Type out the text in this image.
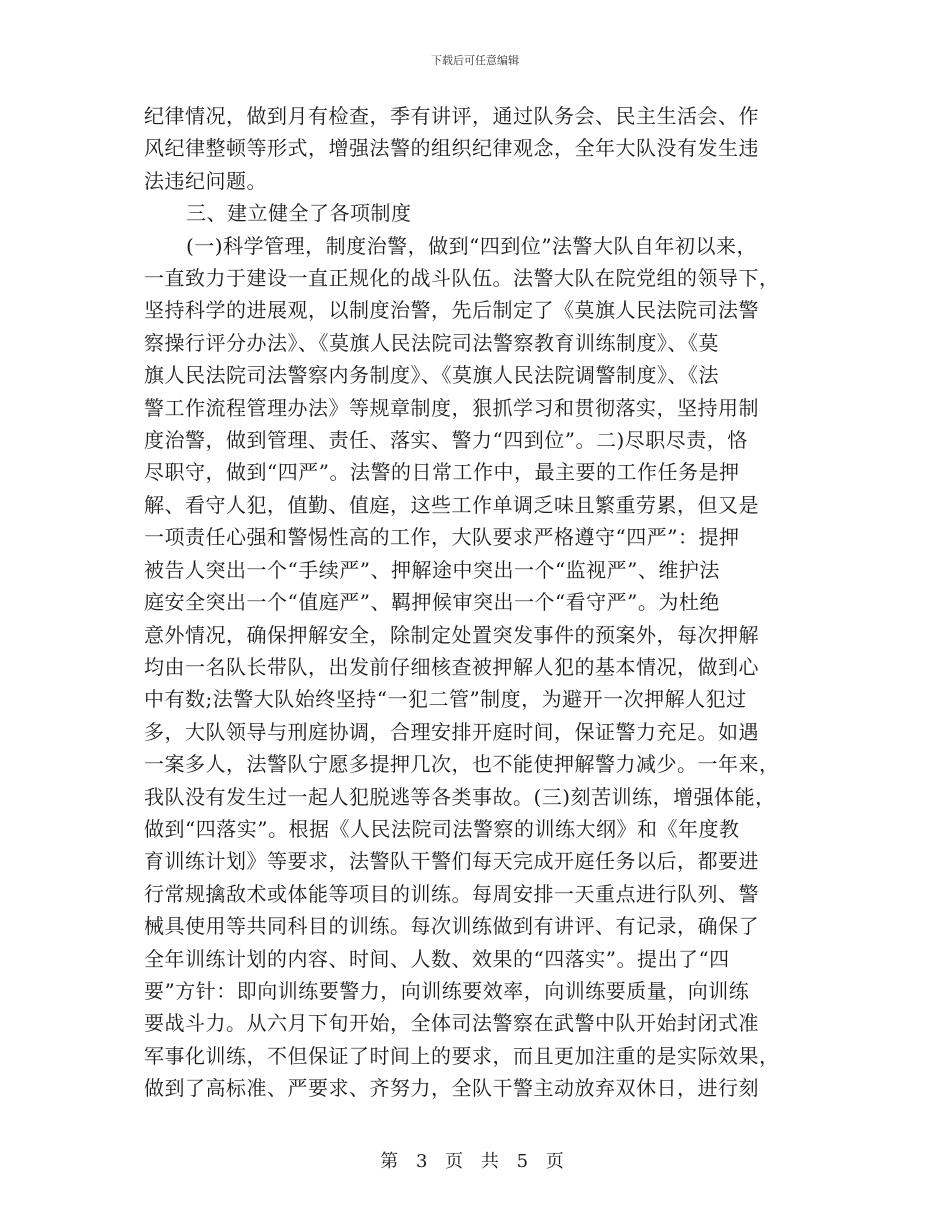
下载后可任意编辑
纪律情况，做到月有检查，季有讲评，通过队务会、民主生活会、作
风纪律整顿等形式，增强法警的组织纪律观念，全年大队没有发生违
法违纪问题。
三、建立健全了各项制度
(一)科学管理，制度治警，做到“四到位”法警大队自年初以来，
一直致力于建设一直正规化的战斗队伍。法警大队在院党组的领导下，
坚持科学的进展观，以制度治警，先后制定了《莫旗人民法院司法警
察操行评分办法》、《莫旗人民法院司法警察教育训练制度》、《莫
旗人民法院司法警察内务制度》、《莫旗人民法院调警制度》、《法
警工作流程管理办法》等规章制度，狠抓学习和贯彻落实，坚持用制
度治警，做到管理、责任、落实、警力“四到位”。二)尽职尽责，恪
尽职守，做到“四严”。法警的日常工作中，最主要的工作任务是押
解、看守人犯，值勤、值庭，这些工作单调乏味且繁重劳累，但又是
一项责任心强和警惕性高的工作，大队要求严格遵守“四严”：提押
被告人突出一个“手续严”、押解途中突出一个“监视严”、维护法
庭安全突出一个“值庭严”、羁押候审突出一个“看守严”。为杜绝
意外情况，确保押解安全，除制定处置突发事件的预案外，每次押解
均由一名队长带队，出发前仔细核查被押解人犯的基本情况，做到心
中有数;法警大队始终坚持“一犯二管”制度，为避开一次押解人犯过
多，大队领导与刑庭协调，合理安排开庭时间，保证警力充足。如遇
一案多人，法警队宁愿多提押几次，也不能使押解警力减少。一年来，
我队没有发生过一起人犯脱逃等各类事故。(三)刻苦训练，增强体能，
做到“四落实”。根据《人民法院司法警察的训练大纲》和《年度教
育训练计划》等要求，法警队干警们每天完成开庭任务以后，都要进
行常规擒敌术或体能等项目的训练。每周安排一天重点进行队列、警
械具使用等共同科目的训练。每次训练做到有讲评、有记录，确保了
全年训练计划的内容、时间、人数、效果的“四落实”。提出了“四
要”方针：即向训练要警力，向训练要效率，向训练要质量，向训练
要战斗力。从六月下旬开始，全体司法警察在武警中队开始封闭式准
军事化训练，不但保证了时间上的要求，而且更加注重的是实际效果，
做到了高标准、严要求、齐努力，全队干警主动放弃双休日，进行刻
第 3 页 共 5 页
